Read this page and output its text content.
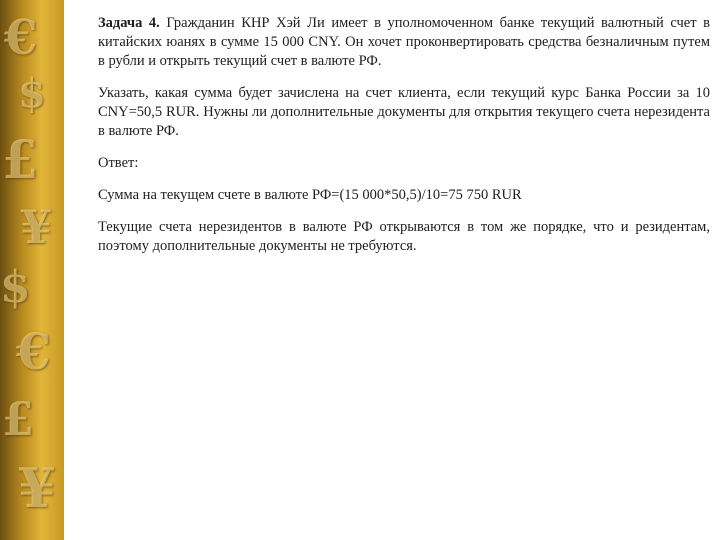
€
$
£
¥
$
€
£
¥

Задача 4. Гражданин КНР Хэй Ли имеет в уполномоченном банке текущий валютный счет в китайских юанях в сумме 15 000 CNY. Он хочет проконвертировать средства безналичным путем в рубли и открыть текущий счет в валюте РФ.

Указать, какая сумма будет зачислена на счет клиента, если текущий курс Банка России за 10 CNY=50,5 RUR. Нужны ли дополнительные документы для открытия текущего счета нерезидента в валюте РФ.

Ответ:

Сумма на текущем счете в валюте РФ=(15 000*50,5)/10=75 750 RUR

Текущие счета нерезидентов в валюте РФ открываются в том же порядке, что и резидентам, поэтому дополнительные документы не требуются.
